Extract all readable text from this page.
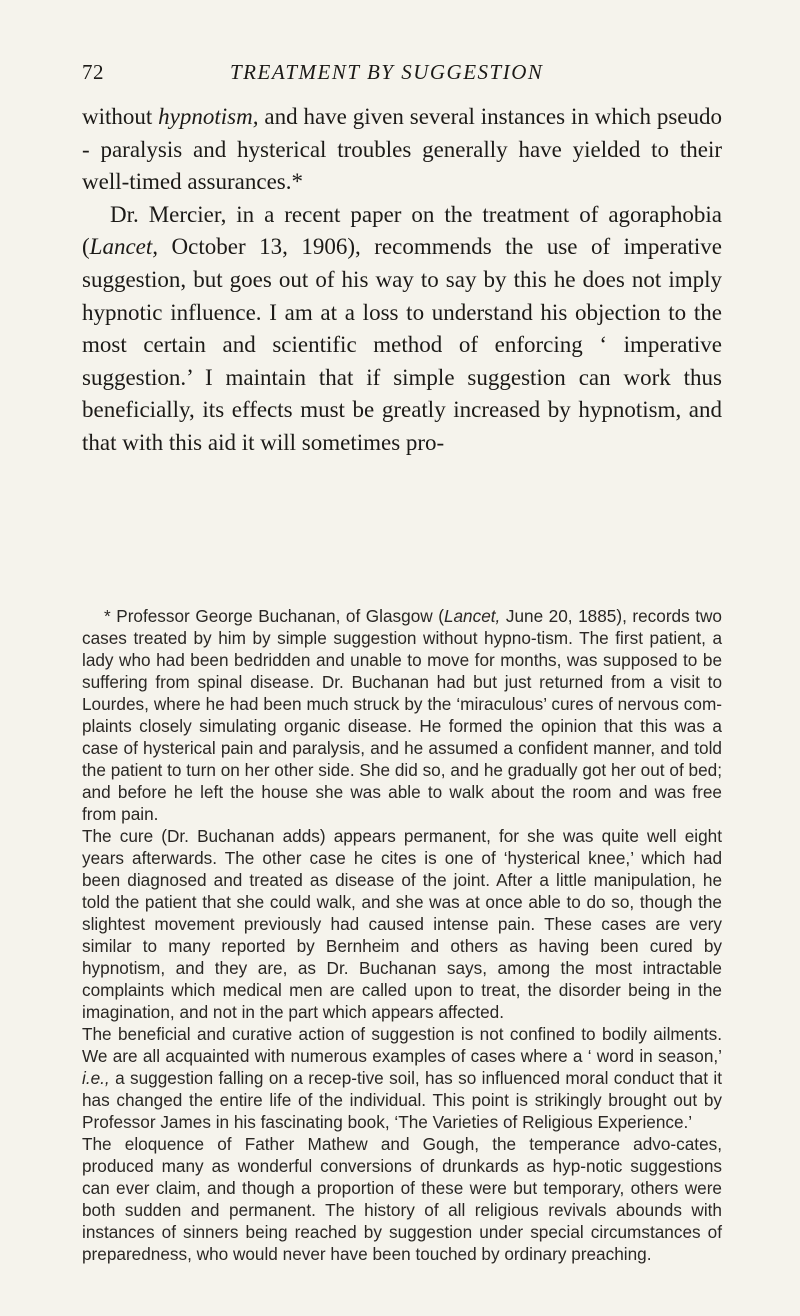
72	TREATMENT BY SUGGESTION

without hypnotism, and have given several instances in which pseudo - paralysis and hysterical troubles generally have yielded to their well-timed assurances.*

Dr. Mercier, in a recent paper on the treatment of agoraphobia (Lancet, October 13, 1906), recommends the use of imperative suggestion, but goes out of his way to say by this he does not imply hypnotic influence. I am at a loss to understand his objection to the most certain and scientific method of enforcing ‘ imperative suggestion.’ I maintain that if simple suggestion can work thus beneficially, its effects must be greatly increased by hypnotism, and that with this aid it will sometimes pro-

* Professor George Buchanan, of Glasgow (Lancet, June 20, 1885), records two cases treated by him by simple suggestion without hypno-tism. The first patient, a lady who had been bedridden and unable to move for months, was supposed to be suffering from spinal disease. Dr. Buchanan had but just returned from a visit to Lourdes, where he had been much struck by the ‘miraculous’ cures of nervous com-plaints closely simulating organic disease. He formed the opinion that this was a case of hysterical pain and paralysis, and he assumed a confident manner, and told the patient to turn on her other side. She did so, and he gradually got her out of bed; and before he left the house she was able to walk about the room and was free from pain.

The cure (Dr. Buchanan adds) appears permanent, for she was quite well eight years afterwards. The other case he cites is one of ‘hysterical knee,’ which had been diagnosed and treated as disease of the joint. After a little manipulation, he told the patient that she could walk, and she was at once able to do so, though the slightest movement previously had caused intense pain. These cases are very similar to many reported by Bernheim and others as having been cured by hypnotism, and they are, as Dr. Buchanan says, among the most intractable complaints which medical men are called upon to treat, the disorder being in the imagination, and not in the part which appears affected.

The beneficial and curative action of suggestion is not confined to bodily ailments. We are all acquainted with numerous examples of cases where a ‘ word in season,’ i.e., a suggestion falling on a recep-tive soil, has so influenced moral conduct that it has changed the entire life of the individual. This point is strikingly brought out by Professor James in his fascinating book, ‘The Varieties of Religious Experience.’

The eloquence of Father Mathew and Gough, the temperance advo-cates, produced many as wonderful conversions of drunkards as hyp-notic suggestions can ever claim, and though a proportion of these were but temporary, others were both sudden and permanent. The history of all religious revivals abounds with instances of sinners being reached by suggestion under special circumstances of preparedness, who would never have been touched by ordinary preaching.
